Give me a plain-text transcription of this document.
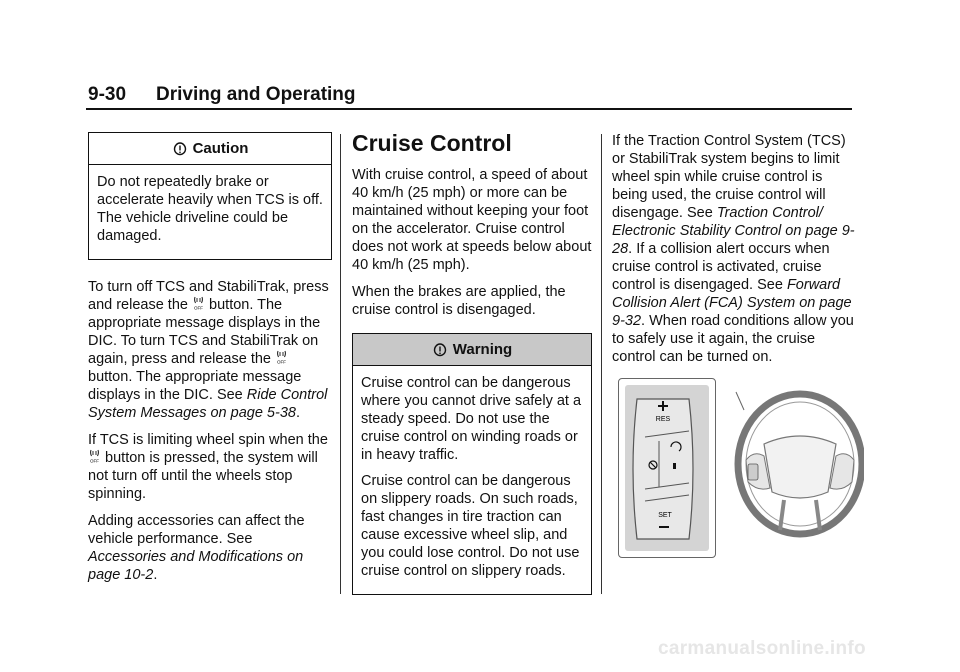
9-30 Driving and Operating
Caution

Do not repeatedly brake or accelerate heavily when TCS is off. The vehicle driveline could be damaged.

To turn off TCS and StabiliTrak, press and release the OFF button. The appropriate message displays in the DIC. To turn TCS and StabiliTrak on again, press and release the OFF
button. The appropriate message displays in the DIC. See Ride Control System Messages on page 5-38.

If TCS is limiting wheel spin when the
OFF button is pressed, the system will not turn off until the wheels stop spinning.

Adding accessories can affect the vehicle performance. See Accessories and Modifications on page 10-2.

Cruise Control

With cruise control, a speed of about 40 km/h (25 mph) or more can be maintained without keeping your foot on the accelerator. Cruise control does not work at speeds below about 40 km/h (25 mph).

When the brakes are applied, the cruise control is disengaged.

Warning

Cruise control can be dangerous where you cannot drive safely at a steady speed. Do not use the cruise control on winding roads or in heavy traffic.

Cruise control can be dangerous on slippery roads. On such roads, fast changes in tire traction can cause excessive wheel slip, and you could lose control. Do not use cruise control on slippery roads.

If the Traction Control System (TCS) or StabiliTrak system begins to limit wheel spin while cruise control is being used, the cruise control will disengage. See Traction Control/ Electronic Stability Control on page 9-28. If a collision alert occurs when cruise control is activated, cruise control is disengaged. See Forward Collision Alert (FCA) System on page 9-32. When road conditions allow you to safely use it again, the cruise control can be turned on.

RES
SET
carmanualsonline.info
